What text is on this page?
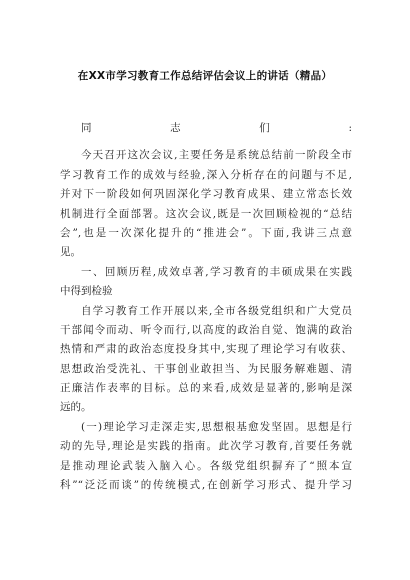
在XX市学习教育工作总结评估会议上的讲话（精品）
同志们:
今天召开这次会议,主要任务是系统总结前一阶段全市
学习教育工作的成效与经验,深入分析存在的问题与不足,
并对下一阶段如何巩固深化学习教育成果、建立常态长效
机制进行全面部署。这次会议,既是一次回顾检视的“总结
会”,也是一次深化提升的“推进会”。下面,我讲三点意
见。
一、回顾历程,成效卓著,学习教育的丰硕成果在实践
中得到检验
自学习教育工作开展以来,全市各级党组织和广大党员
干部闻令而动、听令而行,以高度的政治自觉、饱满的政治
热情和严肃的政治态度投身其中,实现了理论学习有收获、
思想政治受洗礼、干事创业敢担当、为民服务解难题、清
正廉洁作表率的目标。总的来看,成效是显著的,影响是深
远的。
(一)理论学习走深走实,思想根基愈发坚固。思想是行
动的先导,理论是实践的指南。此次学习教育,首要任务就
是推动理论武装入脑入心。各级党组织摒弃了“照本宣
科”“泛泛而谈”的传统模式,在创新学习形式、提升学习
